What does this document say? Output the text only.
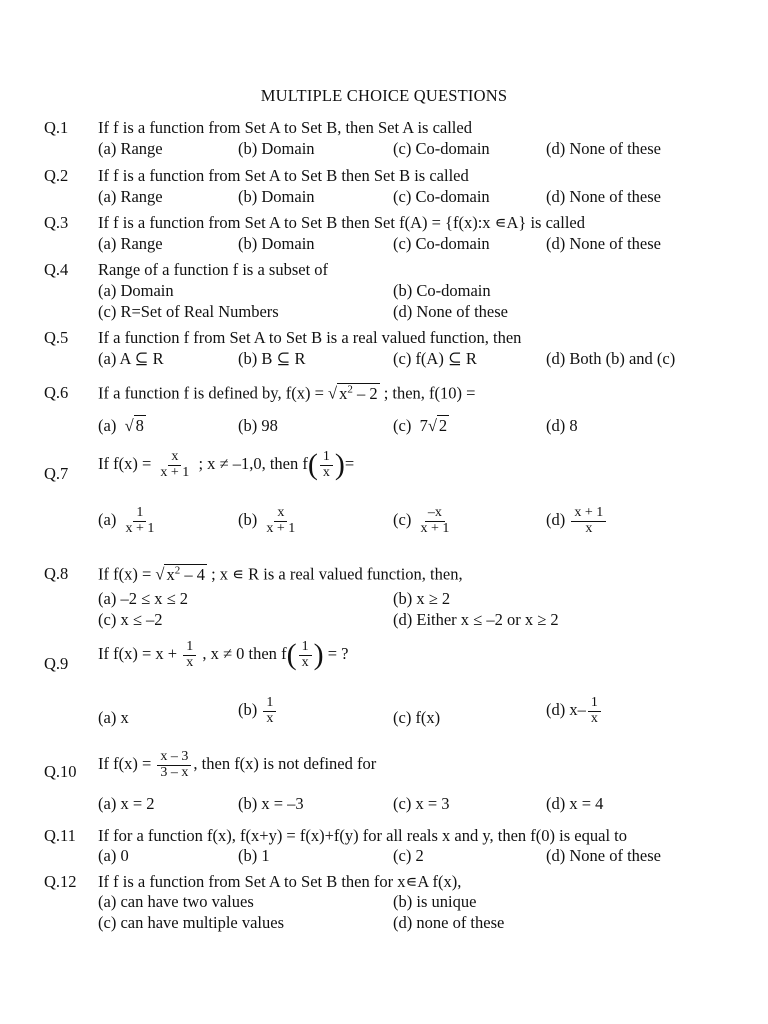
MULTIPLE CHOICE QUESTIONS
Q.1 If f is a function from Set A to Set B, then Set A is called
(a) Range	(b) Domain	(c) Co-domain	(d) None of these
Q.2 If f is a function from Set A to Set B then Set B is called
(a) Range	(b) Domain	(c) Co-domain	(d) None of these
Q.3 If f is a function from Set A to Set B then Set f(A) = {f(x):x ∊A} is called
(a) Range	(b) Domain	(c) Co-domain	(d) None of these
Q.4 Range of a function f is a subset of
(a) Domain	(b) Co-domain
(c) R=Set of Real Numbers	(d) None of these
Q.5 If a function f from Set A to Set B is a real valued function, then
(a) A ⊆ R	(b) B ⊆ R	(c) f(A) ⊆ R	(d) Both (b) and (c)
Q.6 If a function f is defined by, f(x) = √ $x^2 - 2$ ; then, f(10) =
(a) √ 8	(b) 98	(c) 7√ 2	(d) 8
Q.7
If $f(x) = \frac{x}{x + 1}$ ; x ≠ –1,0, then $f( \frac{1}{x}$ )=
$(a) \frac{1}{x + 1}$	$(b) \frac{x}{x + 1}$	$(c) \frac{-x}{x + 1}$	$(d) \frac{x + 1}{x}$
Q.8 If f(x) = √ $x^2 - 4$ ; x ∊ R is a real valued function, then,
(a) –2 ≤ x ≤ 2	(b) x ≥ 2
(c) x ≤ –2	(d) Either x ≤ –2 or x ≥ 2
Q.9
If $f(x) = x + \frac{1}{x}$ , x ≠ 0 then $f( \frac{1}{x}$ ) = ?
(a) x	$(b) \frac{1}{x}$	(c) f(x)	(d) $x- \frac{1}{x}$
Q.10 If $f(x) = \frac{x - 3}{3 - x}$ , then f(x) is not defined for
(a) x = 2	(b) x = –3	(c) x = 3	(d) x = 4
Q.11 If for a function f(x), f(x+y) = f(x)+f(y) for all reals x and y, then f(0) is equal to
(a) 0	(b) 1	(c) 2	(d) None of these
Q.12 If f is a function from Set A to Set B then for x∊A f(x),
(a) can have two values	(b) is unique
(c) can have multiple values	(d) none of these
